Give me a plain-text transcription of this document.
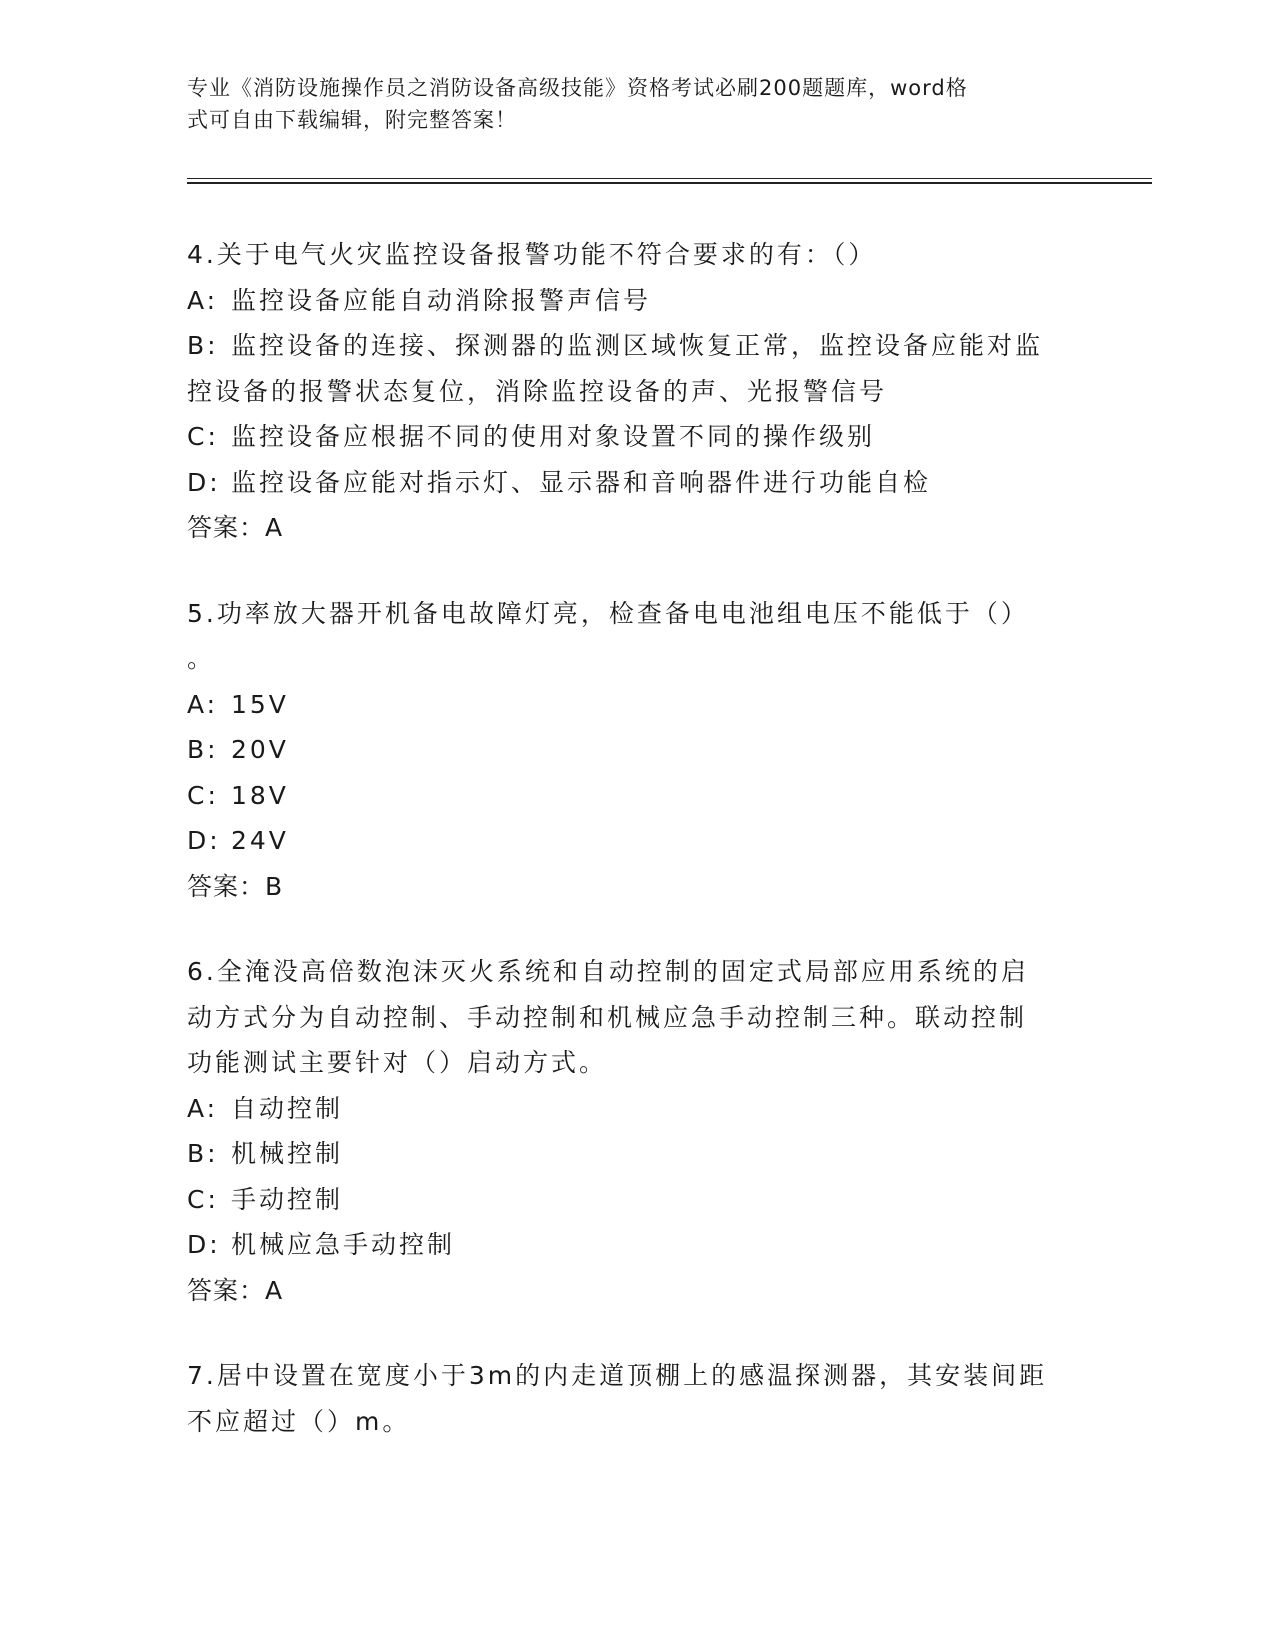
专业《消防设施操作员之消防设备高级技能》资格考试必刷200题题库，word格
式可自由下载编辑，附完整答案！
4.关于电气火灾监控设备报警功能不符合要求的有：（）
A: 监控设备应能自动消除报警声信号
B: 监控设备的连接、探测器的监测区域恢复正常，监控设备应能对监
控设备的报警状态复位，消除监控设备的声、光报警信号
C: 监控设备应根据不同的使用对象设置不同的操作级别
D: 监控设备应能对指示灯、显示器和音响器件进行功能自检
答案：A
5.功率放大器开机备电故障灯亮，检查备电电池组电压不能低于（）
。
A: 15V
B: 20V
C: 18V
D: 24V
答案：B
6.全淹没高倍数泡沫灭火系统和自动控制的固定式局部应用系统的启
动方式分为自动控制、手动控制和机械应急手动控制三种。联动控制
功能测试主要针对（）启动方式。
A: 自动控制
B: 机械控制
C: 手动控制
D: 机械应急手动控制
答案：A
7.居中设置在宽度小于3m的内走道顶棚上的感温探测器，其安装间距
不应超过（）m。
